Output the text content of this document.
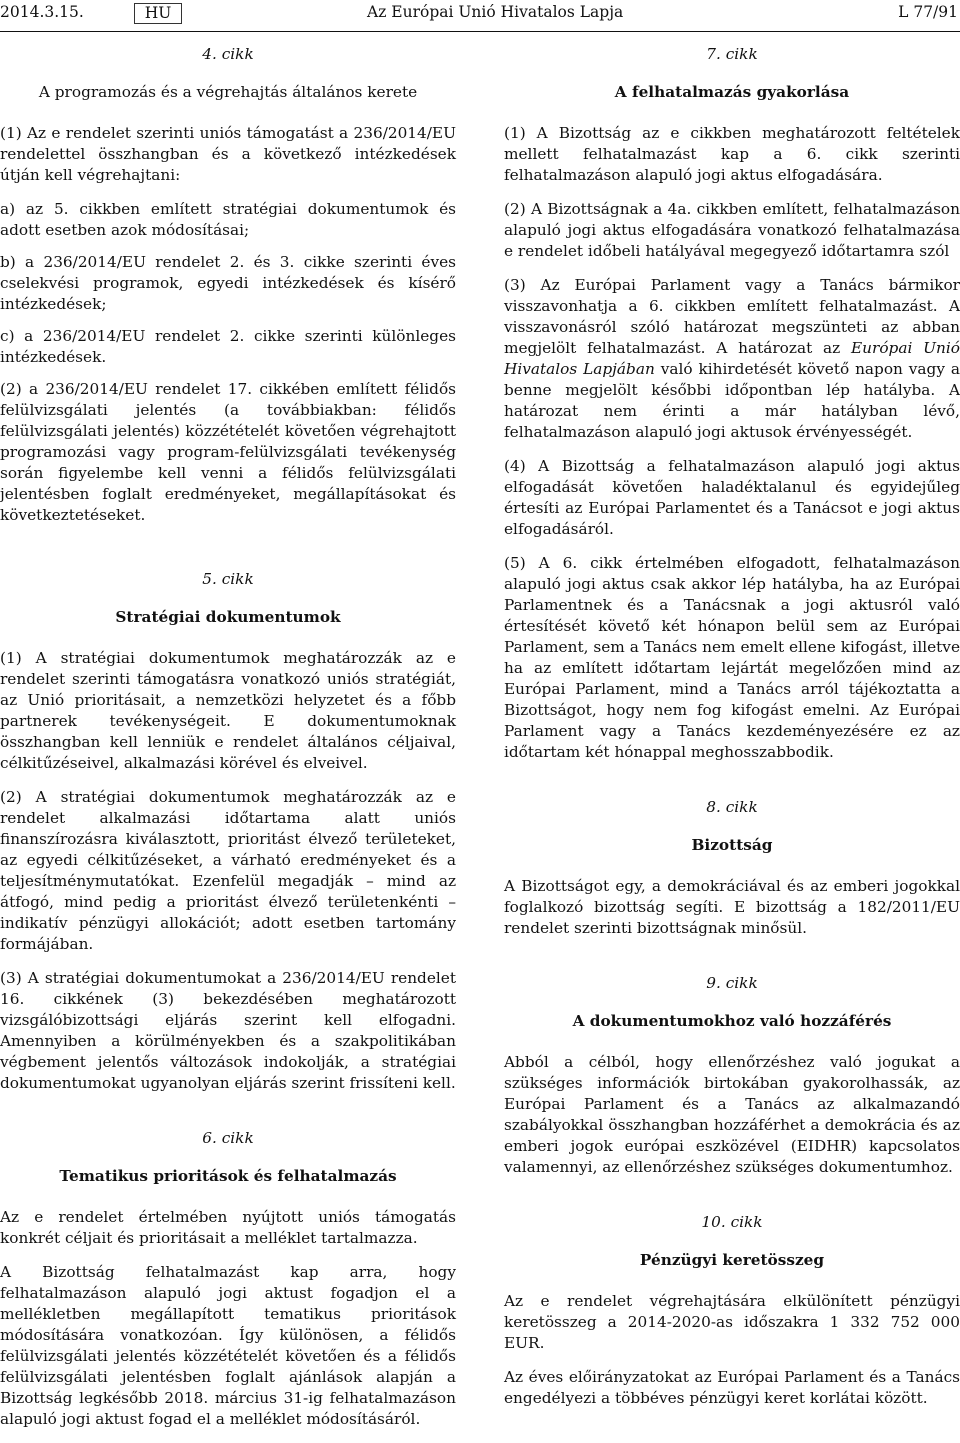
2014.3.15.	HU	Az Európai Unió Hivatalos Lapja	L 77/91
4. cikk
A programozás és a végrehajtás általános kerete

(1) Az e rendelet szerinti uniós támogatást a 236/2014/EU rendelettel összhangban és a következő intézkedések útján kell végrehajtani:

a) az 5. cikkben említett stratégiai dokumentumok és adott esetben azok módosításai;

b) a 236/2014/EU rendelet 2. és 3. cikke szerinti éves cselekvési programok, egyedi intézkedések és kísérő intézkedések;

c) a 236/2014/EU rendelet 2. cikke szerinti különleges intézkedések.

(2) a 236/2014/EU rendelet 17. cikkében említett félidős felülvizsgálati jelentés (a továbbiakban: félidős felülvizsgálati jelentés) közzétételét követően végrehajtott programozási vagy program-felülvizsgálati tevékenység során figyelembe kell venni a félidős felülvizsgálati jelentésben foglalt eredményeket, megállapításokat és következtetéseket.

5. cikk
Stratégiai dokumentumok

(1) A stratégiai dokumentumok meghatározzák az e rendelet szerinti támogatásra vonatkozó uniós stratégiát, az Unió prioritásait, a nemzetközi helyzetet és a főbb partnerek tevékenységeit. E dokumentumoknak összhangban kell lenniük e rendelet általános céljaival, célkitűzéseivel, alkalmazási körével és elveivel.

(2) A stratégiai dokumentumok meghatározzák az e rendelet alkalmazási időtartama alatt uniós finanszírozásra kiválasztott, prioritást élvező területeket, az egyedi célkitűzéseket, a várható eredményeket és a teljesítménymutatókat. Ezenfelül megadják – mind az átfogó, mind pedig a prioritást élvező területenkénti – indikatív pénzügyi allokációt; adott esetben tartomány formájában.

(3) A stratégiai dokumentumokat a 236/2014/EU rendelet 16. cikkének (3) bekezdésében meghatározott vizsgálóbizottsági eljárás szerint kell elfogadni. Amennyiben a körülményekben és a szakpolitikában végbement jelentős változások indokolják, a stratégiai dokumentumokat ugyanolyan eljárás szerint frissíteni kell.

6. cikk
Tematikus prioritások és felhatalmazás

Az e rendelet értelmében nyújtott uniós támogatás konkrét céljait és prioritásait a melléklet tartalmazza.

A Bizottság felhatalmazást kap arra, hogy felhatalmazáson alapuló jogi aktust fogadjon el a mellékletben megállapított tematikus prioritások módosítására vonatkozóan. Így különösen, a félidős felülvizsgálati jelentés közzétételét követően és a félidős felülvizsgálati jelentésben foglalt ajánlások alapján a Bizottság legkésőbb 2018. március 31-ig felhatalmazáson alapuló jogi aktust fogad el a melléklet módosításáról.

7. cikk
A felhatalmazás gyakorlása

(1) A Bizottság az e cikkben meghatározott feltételek mellett felhatalmazást kap a 6. cikk szerinti felhatalmazáson alapuló jogi aktus elfogadására.

(2) A Bizottságnak a 4a. cikkben említett, felhatalmazáson alapuló jogi aktus elfogadására vonatkozó felhatalmazása e rendelet időbeli hatályával megegyező időtartamra szól

(3) Az Európai Parlament vagy a Tanács bármikor visszavonhatja a 6. cikkben említett felhatalmazást. A visszavonásról szóló határozat megszünteti az abban megjelölt felhatalmazást. A határozat az Európai Unió Hivatalos Lapjában való kihirdetését követő napon vagy a benne megjelölt későbbi időpontban lép hatályba. A határozat nem érinti a már hatályban lévő, felhatalmazáson alapuló jogi aktusok érvényességét.

(4) A Bizottság a felhatalmazáson alapuló jogi aktus elfogadását követően haladéktalanul és egyidejűleg értesíti az Európai Parlamentet és a Tanácsot e jogi aktus elfogadásáról.

(5) A 6. cikk értelmében elfogadott, felhatalmazáson alapuló jogi aktus csak akkor lép hatályba, ha az Európai Parlamentnek és a Tanácsnak a jogi aktusról való értesítését követő két hónapon belül sem az Európai Parlament, sem a Tanács nem emelt ellene kifogást, illetve ha az említett időtartam lejártát megelőzően mind az Európai Parlament, mind a Tanács arról tájékoztatta a Bizottságot, hogy nem fog kifogást emelni. Az Európai Parlament vagy a Tanács kezdeményezésére ez az időtartam két hónappal meghosszabbodik.

8. cikk
Bizottság

A Bizottságot egy, a demokráciával és az emberi jogokkal foglalkozó bizottság segíti. E bizottság a 182/2011/EU rendelet szerinti bizottságnak minősül.

9. cikk
A dokumentumokhoz való hozzáférés

Abból a célból, hogy ellenőrzéshez való jogukat a szükséges információk birtokában gyakorolhassák, az Európai Parlament és a Tanács az alkalmazandó szabályokkal összhangban hozzáférhet a demokrácia és az emberi jogok európai eszközével (EIDHR) kapcsolatos valamennyi, az ellenőrzéshez szükséges dokumentumhoz.

10. cikk
Pénzügyi keretösszeg

Az e rendelet végrehajtására elkülönített pénzügyi keretösszeg a 2014-2020-as időszakra 1 332 752 000 EUR.

Az éves előirányzatokat az Európai Parlament és a Tanács engedélyezi a többéves pénzügyi keret korlátai között.
